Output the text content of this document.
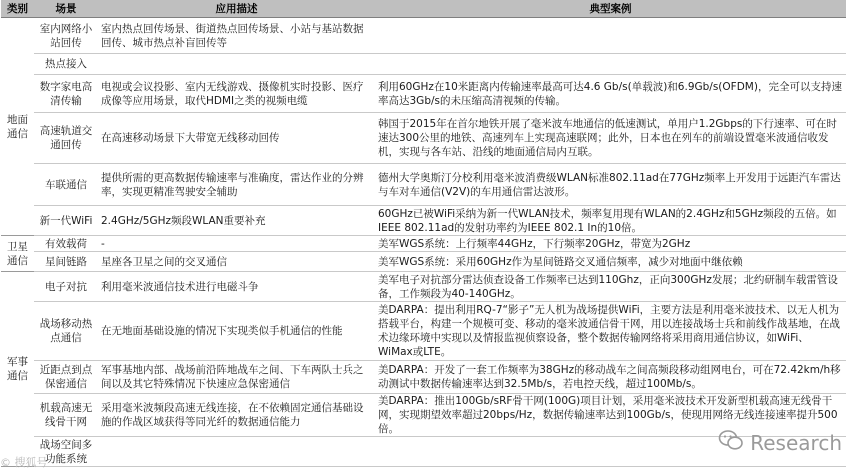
类别	场景	应用描述	典型案例
地面通信	室内网络小站回传	室内热点回传场景、街道热点回传场景、小站与基站数据回传、城市热点补盲回传等	
	热点接入		
	数字家电高清传输	电视或会议投影、室内无线游戏、摄像机实时投影、医疗成像等应用场景，取代HDMI之类的视频电缆	利用60GHz在10米距离内传输速率最高可达4.6 Gb/s(单载波)和6.9Gb/s(OFDM)，完全可以支持速率高达3Gb/s的未压缩高清视频的传输。
	高速轨道交通回传	在高速移动场景下大带宽无线移动回传	韩国于2015年在首尔地铁开展了毫米波车地通信的低速测试，单用户1.2Gbps的下行速率、可在时速达300公里的地铁、高速列车上实现高速联网；此外，日本也在列车的前端设置毫米波通信收发机，实现与各车站、沿线的地面通信局内互联。
	车联通信	提供所需的更高数据传输速率与准确度，雷达作业的分辨率，实现更精准驾驶安全辅助	德州大学奥斯汀分校利用毫米波消费级WLAN标准802.11ad在77GHz频率上开发用于远距汽车雷达与车对车通信(V2V)的车用通信雷达波形。
	新一代WiFi	2.4GHz/5GHz频段WLAN重要补充	60GHz已被WiFi采纳为新一代WLAN技术，频率复用现有WLAN的2.4GHz和5GHz频段的五倍。如IEEE 802.11ad的发射功率约为IEEE 802.1 In的10倍。
卫星通信	有效载荷	-	美军WGS系统：上行频率44GHz，下行频率20GHz，带宽为2GHz
	星间链路	星座各卫星之间的交叉通信	美军WGS系统：采用60GHz作为星间链路交叉通信频率，减少对地面中继依赖
军事通信	电子对抗	利用毫米波通信技术进行电磁斗争	美军电子对抗部分雷达侦查设备工作频率已达到110Ghz，正向300GHz发展；北约研制车载雷管设备，工作频段为40-140GHz。
	战场移动热点通信	在无地面基础设施的情况下实现类似手机通信的性能	美DARPA：提出利用RQ-7“影子”无人机为战场提供WiFi，主要方法是利用毫米波技术、以无人机为搭载平台，构建一个规模可变、移动的毫米波通信骨干网，用以连接战场士兵和前线作战基地，在战术边缘环境中实现以及情报监视侦察设备，整个数据传输网络将采用商用通信协议，如WiFi、WiMax或LTE。
	近距点到点保密通信	军事基地内部、战场前沿阵地战车之间、下车两队士兵之间以及其它特殊情况下快速应急保密通信	美DARPA：开发了一套工作频率为38GHz的移动战车之间高频段移动组网电台，可在72.42km/h移动测试中数据传输速率达到32.5Mb/s，若电控天线，超过100Mb/s。
	机载高速无线骨干网	采用毫米波频段高速无线连接，在不依赖固定通信基础设施的作战区域获得等同光纤的数据通信能力	美DARPA：推出100Gb/sRF骨干网(100G)项目计划，采用毫米波技术开发新型机载高速无线骨干网，实现期望效率超过20bps/Hz，数据传输速率达到100Gb/s，使现用网络无线连接速率提升500倍。
	战场空间多功能系统		
© 搜狐号
Research
